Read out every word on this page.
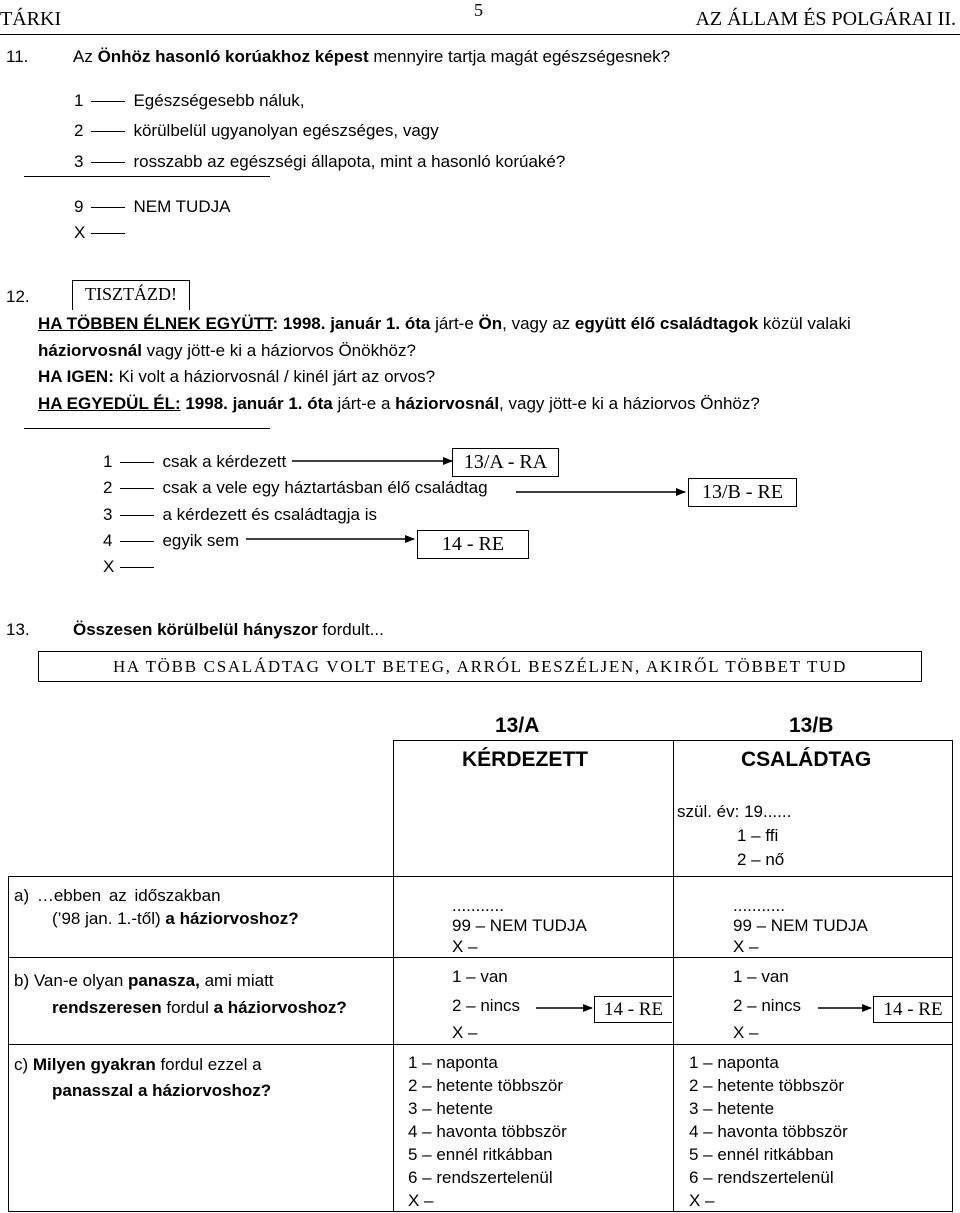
TÁRKI	5	AZ ÁLLAM ÉS POLGÁRAI II.
11.	Az Önhöz hasonló korúakhoz képest mennyire tartja magát egészségesnek?
1	Egészségesebb náluk,
2	körülbelül ugyanolyan egészséges, vagy
3	rosszabb az egészségi állapota, mint a hasonló korúaké?
9	NEM TUDJA
X
12.	TISZTÁZD!
HA TÖBBEN ÉLNEK EGYÜTT: 1998. január 1. óta járt-e Ön, vagy az együtt élő családtagok közül valaki
háziorvosnál vagy jött-e ki a háziorvos Önökhöz?
HA IGEN: Ki volt a háziorvosnál / kinél járt az orvos?
HA EGYEDÜL ÉL: 1998. január 1. óta járt-e a háziorvosnál, vagy jött-e ki a háziorvos Önhöz?
1	csak a kérdezett
2	csak a vele egy háztartásban élő családtag
3	a kérdezett és családtagja is
4	egyik sem
X
13/A - RA
13/B - RE
14 - RE
13.	Összesen körülbelül hányszor fordult...
HA TÖBB CSALÁDTAG VOLT BETEG, ARRÓL BESZÉLJEN, AKIRŐL TÖBBET TUD
13/A
KÉRDEZETT
13/B
CSALÁDTAG
szül. év: 19......
1 – ffi
2 – nő
a) …ebben az időszakban
(’98 jan. 1.-től) a háziorvoshoz?
...........
99 – NEM TUDJA
X –
...........
99 – NEM TUDJA
X –
b) Van-e olyan panasza, ami miatt
rendszeresen fordul a háziorvoshoz?
1 – van
2 – nincs
X –
14 - RE
1 – van
2 – nincs
X –
14 - RE
c) Milyen gyakran fordul ezzel a
panasszal a háziorvoshoz?
1 – naponta
2 – hetente többször
3 – hetente
4 – havonta többször
5 – ennél ritkábban
6 – rendszertelenül
X –
1 – naponta
2 – hetente többször
3 – hetente
4 – havonta többször
5 – ennél ritkábban
6 – rendszertelenül
X –
